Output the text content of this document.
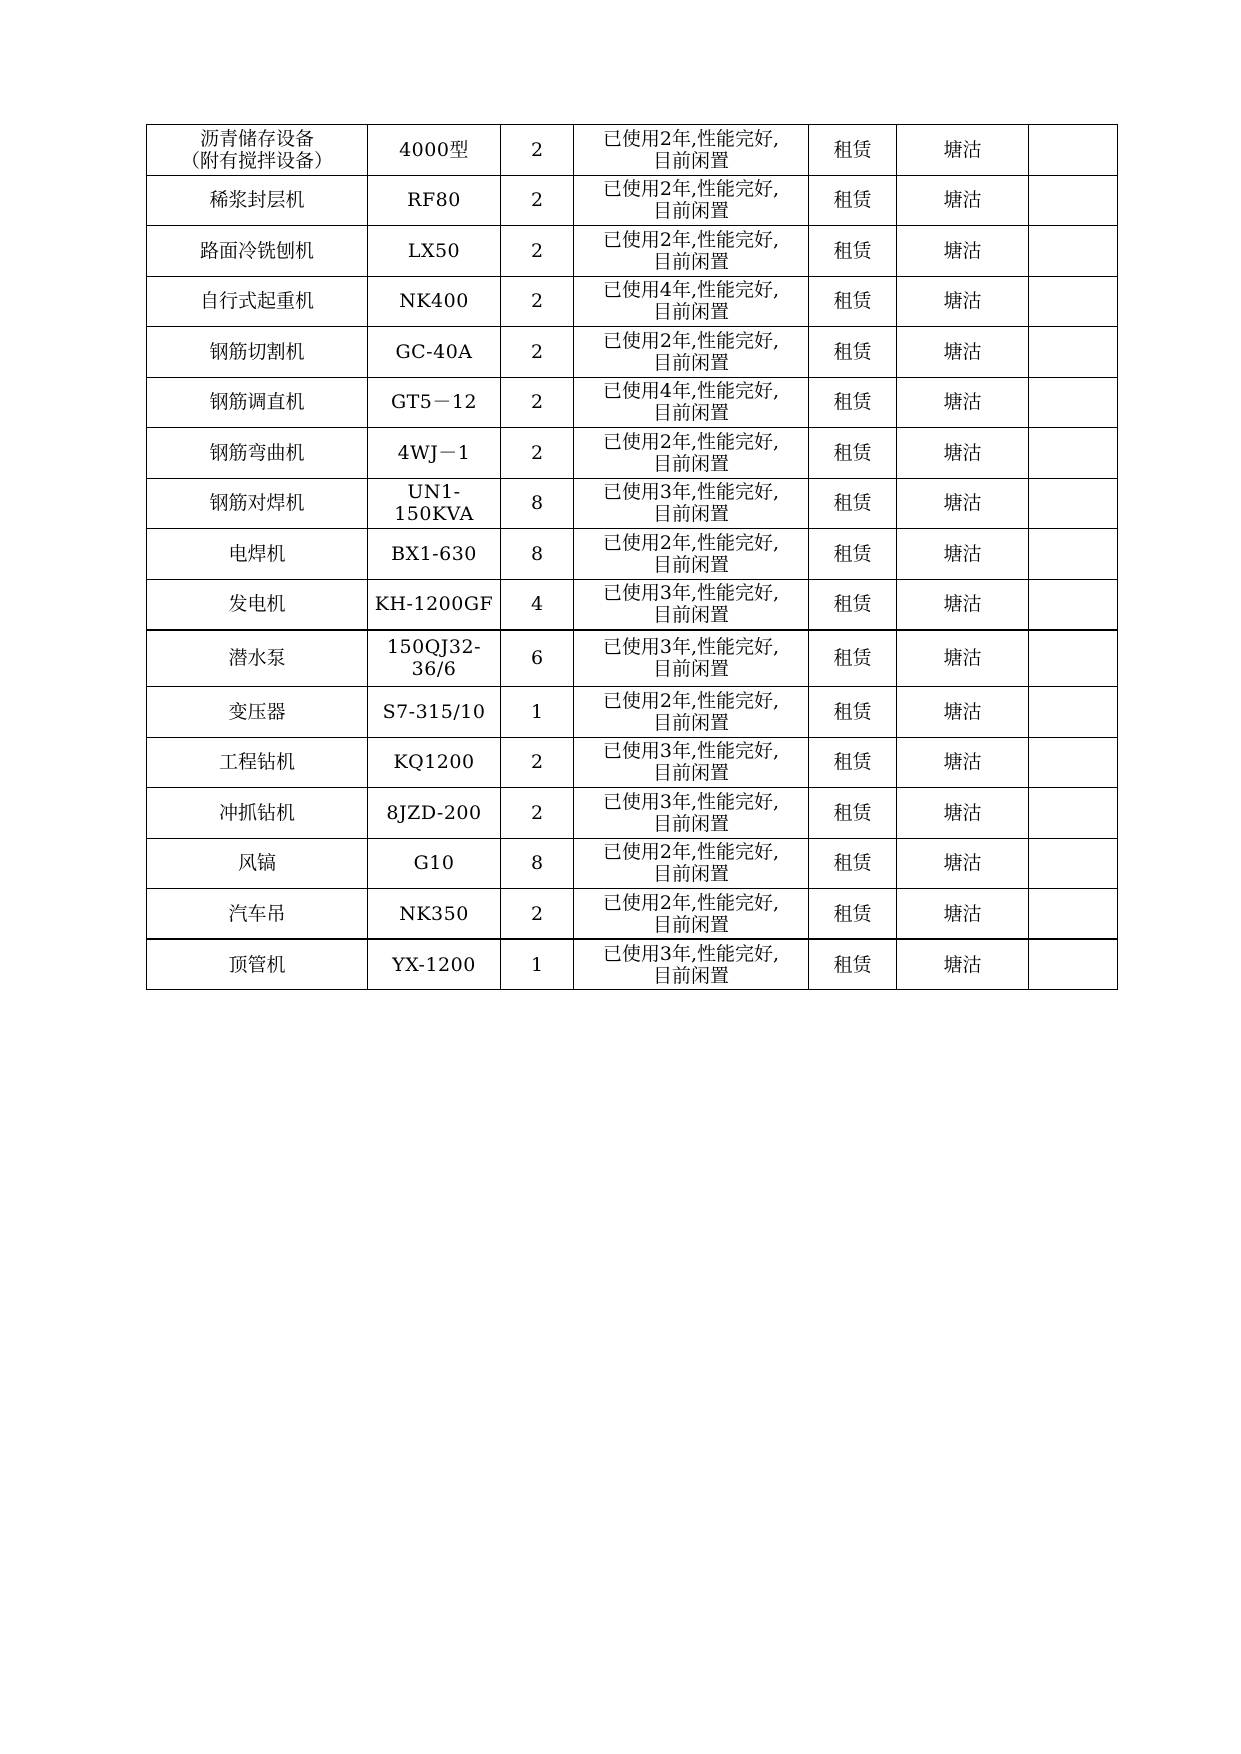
沥青储存设备
（附有搅拌设备）	4000型	2	已使用2年,性能完好,
目前闲置	租赁	塘沽	

稀浆封层机	RF80	2	已使用2年,性能完好,
目前闲置	租赁	塘沽	

路面冷铣刨机	LX50	2	已使用2年,性能完好,
目前闲置	租赁	塘沽	

自行式起重机	NK400	2	已使用4年,性能完好,
目前闲置	租赁	塘沽	

钢筋切割机	GC-40A	2	已使用2年,性能完好,
目前闲置	租赁	塘沽	

钢筋调直机	GT5－12	2	已使用4年,性能完好,
目前闲置	租赁	塘沽	

钢筋弯曲机	4WJ－1	2	已使用2年,性能完好,
目前闲置	租赁	塘沽	

钢筋对焊机	UN1-150KVA	8	已使用3年,性能完好,
目前闲置	租赁	塘沽	

电焊机	BX1-630	8	已使用2年,性能完好,
目前闲置	租赁	塘沽	

发电机	KH-1200GF	4	已使用3年,性能完好,
目前闲置	租赁	塘沽	

潜水泵	150QJ32-36/6	6	已使用3年,性能完好,
目前闲置	租赁	塘沽	

变压器	S7-315/10	1	已使用2年,性能完好,
目前闲置	租赁	塘沽	

工程钻机	KQ1200	2	已使用3年,性能完好,
目前闲置	租赁	塘沽	

冲抓钻机	8JZD-200	2	已使用3年,性能完好,
目前闲置	租赁	塘沽	

风镐	G10	8	已使用2年,性能完好,
目前闲置	租赁	塘沽	

汽车吊	NK350	2	已使用2年,性能完好,
目前闲置	租赁	塘沽	

顶管机	YX-1200	1	已使用3年,性能完好,
目前闲置	租赁	塘沽	
